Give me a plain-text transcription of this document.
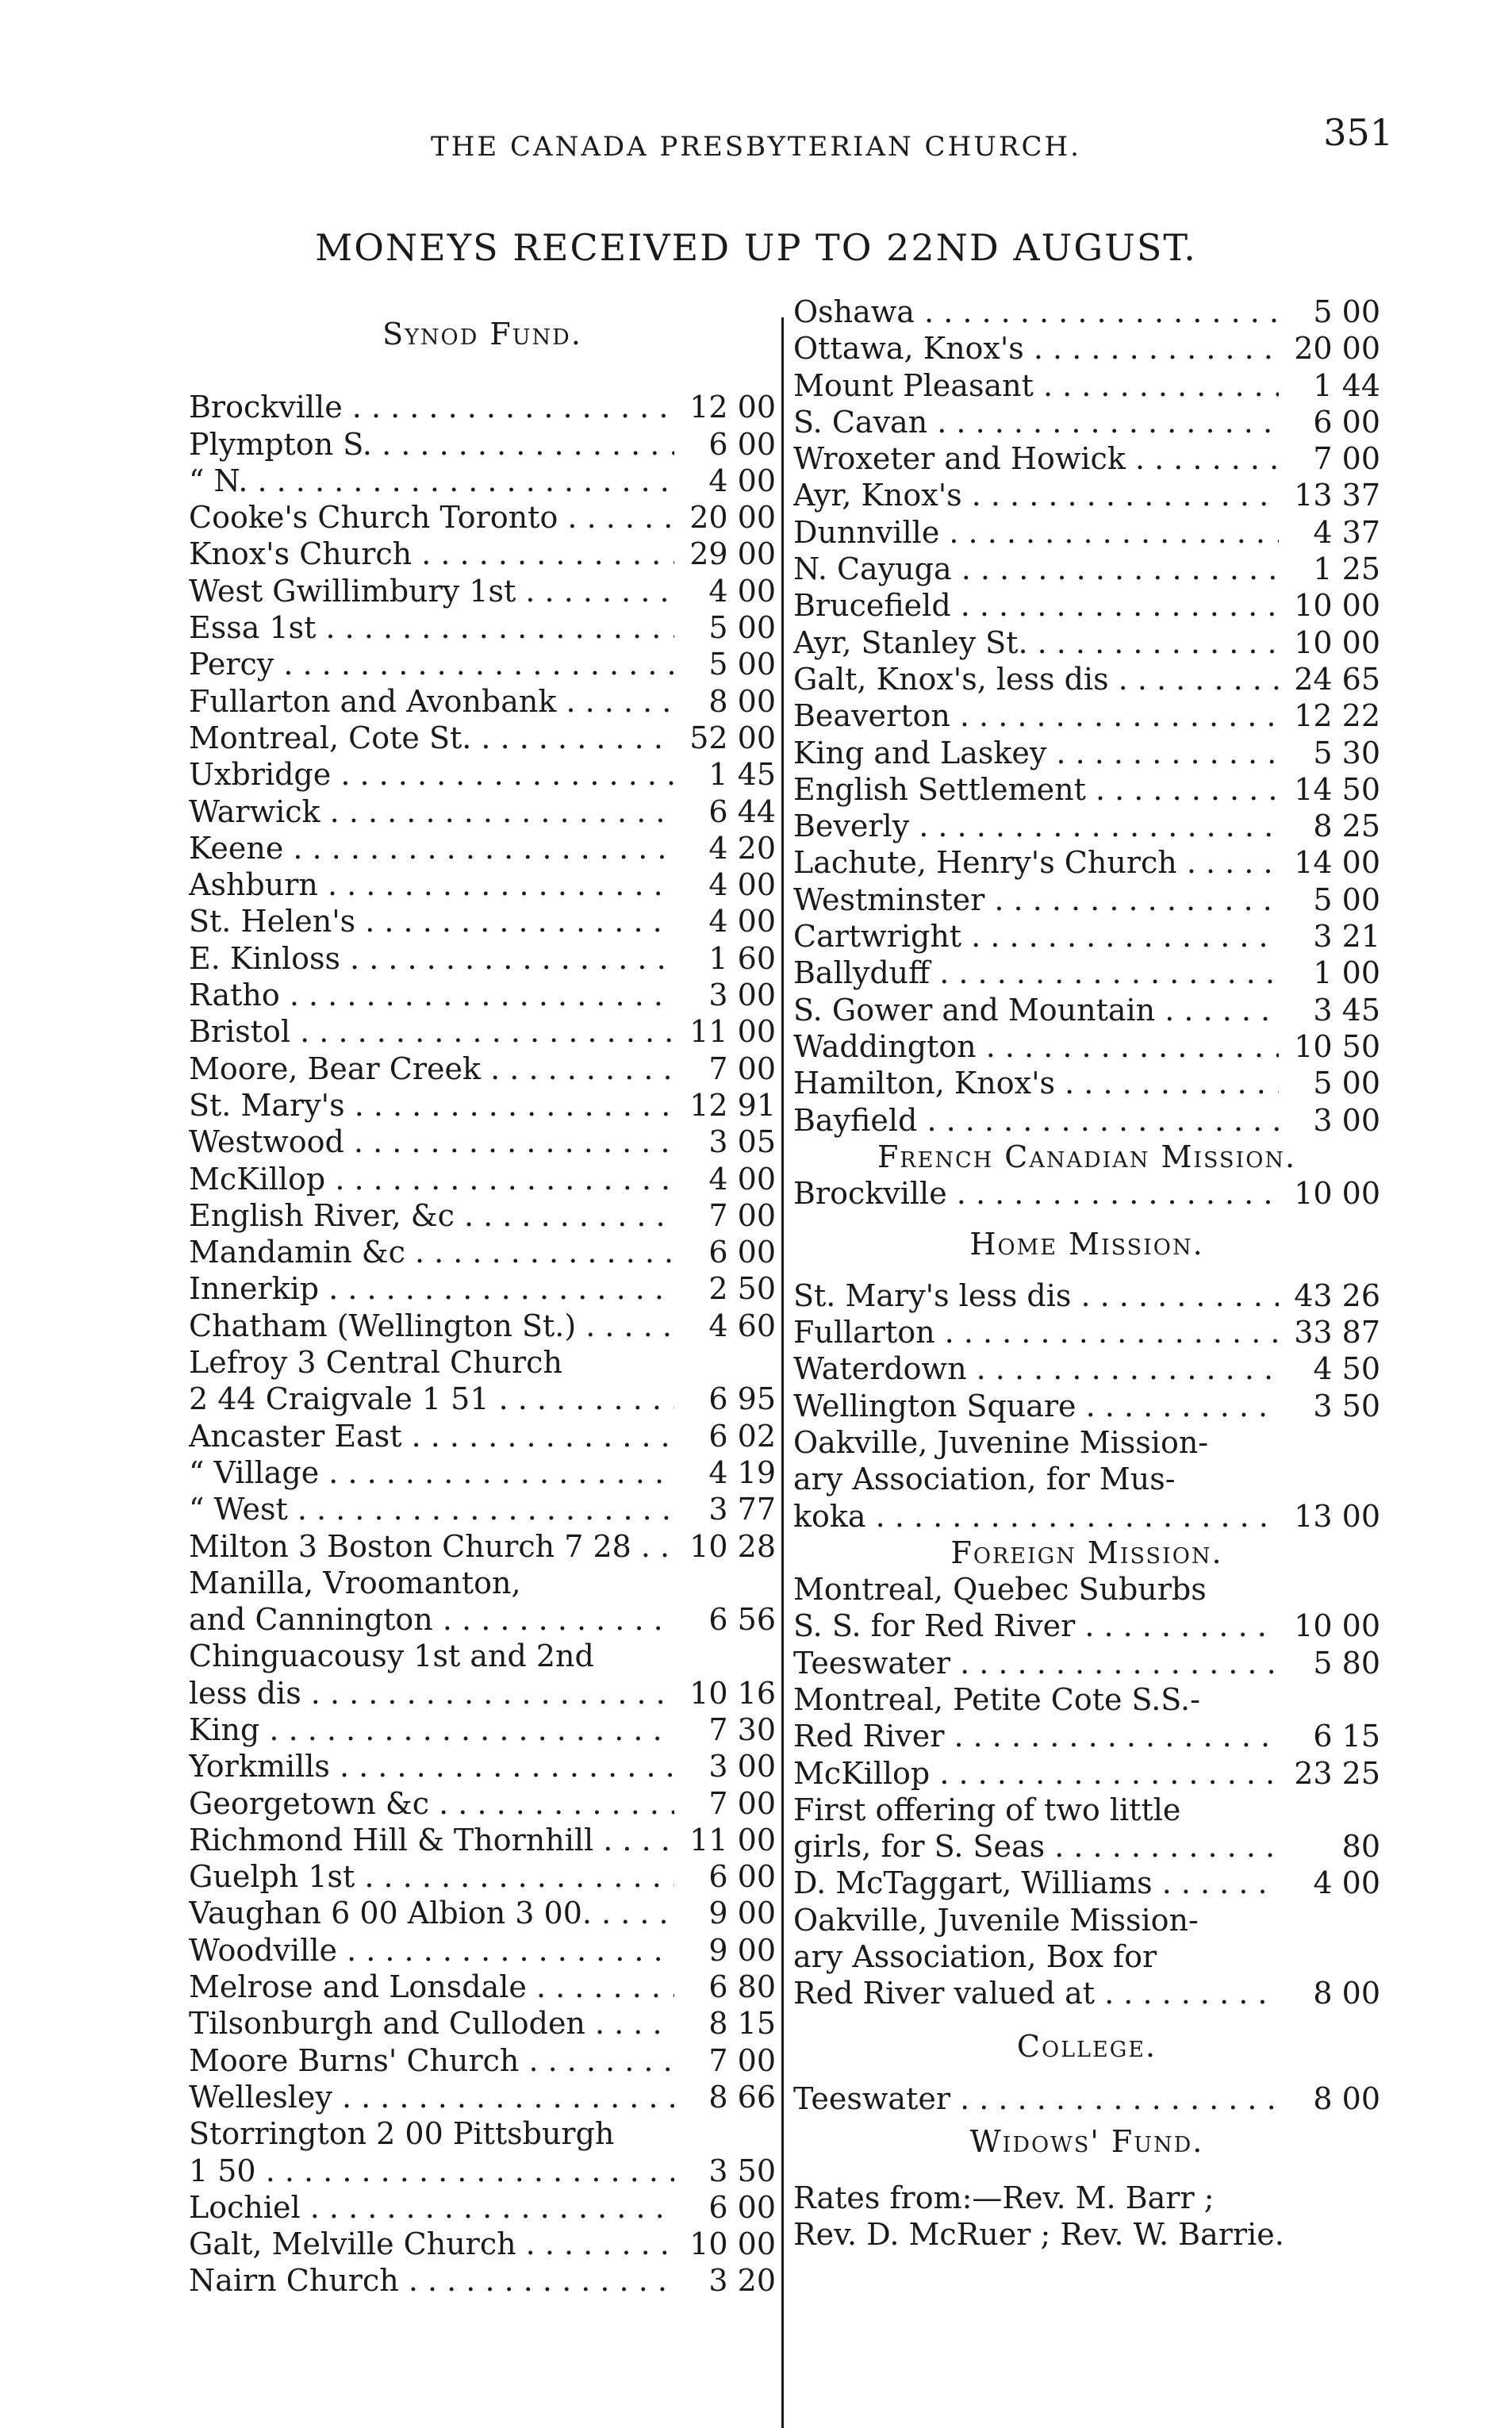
THE CANADA PRESBYTERIAN CHURCH.	351
MONEYS RECEIVED UP TO 22ND AUGUST.
Synod Fund.
Brockville . . .	12 00
Plympton S. . . .	6 00
“ N. . . .	4 00
Cooke's Church Toronto . . .	20 00
Knox's Church . . .	29 00
West Gwillimbury 1st . . .	4 00
Essa 1st . . .	5 00
Percy . . .	5 00
Fullarton and Avonbank . . .	8 00
Montreal, Cote St. . . .	52 00
Uxbridge . . .	1 45
Warwick . . .	6 44
Keene . . .	4 20
Ashburn . . .	4 00
St. Helen's . . .	4 00
E. Kinloss . . .	1 60
Ratho . . .	3 00
Bristol . . .	11 00
Moore, Bear Creek . . .	7 00
St. Mary's . . .	12 91
Westwood . . .	3 05
McKillop . . .	4 00
English River, &c . . .	7 00
Mandamin &c . . .	6 00
Innerkip . . .	2 50
Chatham (Wellington St.) . . .	4 60
Lefroy 3 Central Church
2 44 Craigvale 1 51 . . .	6 95
Ancaster East . . .	6 02
“ Village . . .	4 19
“ West . . .	3 77
Milton 3 Boston Church 7 28 . . .	10 28
Manilla, Vroomanton,
and Cannington . . .	6 56
Chinguacousy 1st and 2nd
less dis . . .	10 16
King . . .	7 30
Yorkmills . . .	3 00
Georgetown &c . . .	7 00
Richmond Hill & Thornhill . . .	11 00
Guelph 1st . . .	6 00
Vaughan 6 00 Albion 3 00. . . .	9 00
Woodville . . .	9 00
Melrose and Lonsdale . . .	6 80
Tilsonburgh and Culloden . . .	8 15
Moore Burns' Church . . .	7 00
Wellesley . . .	8 66
Storrington 2 00 Pittsburgh
1 50 . . .	3 50
Lochiel . . .	6 00
Galt, Melville Church . . .	10 00
Nairn Church . . .	3 20
Oshawa . . .	5 00
Ottawa, Knox's . . .	20 00
Mount Pleasant . . .	1 44
S. Cavan . . .	6 00
Wroxeter and Howick . . .	7 00
Ayr, Knox's . . .	13 37
Dunnville . . .	4 37
N. Cayuga . . .	1 25
Brucefield . . .	10 00
Ayr, Stanley St. . . .	10 00
Galt, Knox's, less dis . . .	24 65
Beaverton . . .	12 22
King and Laskey . . .	5 30
English Settlement . . .	14 50
Beverly . . .	8 25
Lachute, Henry's Church . . .	14 00
Westminster . . .	5 00
Cartwright . . .	3 21
Ballyduff . . .	1 00
S. Gower and Mountain . . .	3 45
Waddington . . .	10 50
Hamilton, Knox's . . .	5 00
Bayfield . . .	3 00
French Canadian Mission.
Brockville . . .	10 00
Home Mission.
St. Mary's less dis . . .	43 26
Fullarton . . .	33 87
Waterdown . . .	4 50
Wellington Square . . .	3 50
Oakville, Juvenine Mission-
ary Association, for Mus-
koka . . .	13 00
Foreign Mission.
Montreal, Quebec Suburbs
S. S. for Red River . . .	10 00
Teeswater . . .	5 80
Montreal, Petite Cote S.S.-
Red River . . .	6 15
McKillop . . .	23 25
First offering of two little
girls, for S. Seas . . .	80
D. McTaggart, Williams . . .	4 00
Oakville, Juvenile Mission-
ary Association, Box for
Red River valued at . . .	8 00
College.
Teeswater . . .	8 00
Widows' Fund.
Rates from:—Rev. M. Barr ;
Rev. D. McRuer ; Rev. W. Barrie.
